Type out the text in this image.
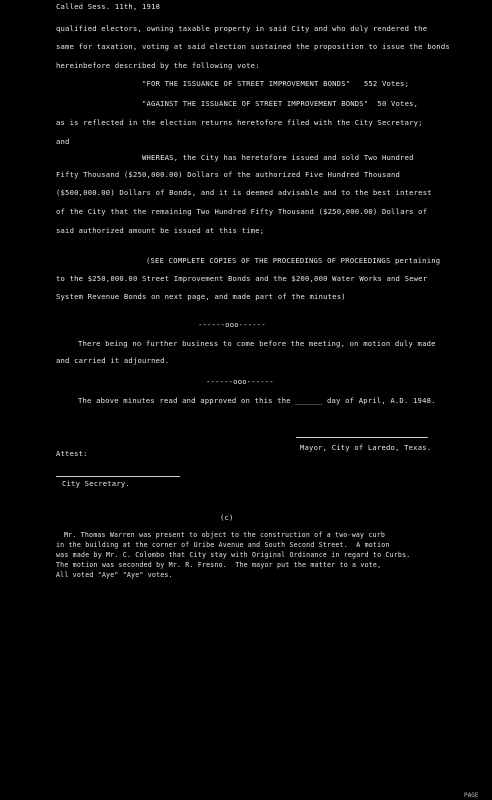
Called Sess. 11th, 1918
qualified electors, owning taxable property in said City and who duly rendered the
same for taxation, voting at said election sustained the proposition to issue the bonds
hereinbefore described by the following vote:
"FOR THE ISSUANCE OF STREET IMPROVEMENT BONDS"   552 Votes;
"AGAINST THE ISSUANCE OF STREET IMPROVEMENT BONDS"  50 Votes,
as is reflected in the election returns heretofore filed with the City Secretary;
and
WHEREAS, the City has heretofore issued and sold Two Hundred
Fifty Thousand ($250,000.00) Dollars of the authorized Five Hundred Thousand
($500,000.00) Dollars of Bonds, and it is deemed advisable and to the best interest
of the City that the remaining Two Hundred Fifty Thousand ($250,000.00) Dollars of
said authorized amount be issued at this time;
(SEE COMPLETE COPIES OF THE PROCEEDINGS OF PROCEEDINGS pertaining
to the $250,000.00 Street Improvement Bonds and the $200,000 Water Works and Sewer
System Revenue Bonds on next page, and made part of the minutes)
------ooo------
There being no further business to come before the meeting, on motion duly made
and carried it adjourned.
------ooo------
The above minutes read and approved on this the ______ day of April, A.D. 1948.
Mayor, City of Laredo, Texas.
Attest:
City Secretary.
(c)
Mr. Thomas Warren was present to object to the construction of a two-way curb
in the building at the corner of Uribe Avenue and South Second Street.  A motion
was made by Mr. C. Colombo that City stay with Original Ordinance in regard to Curbs.
The motion was seconded by Mr. R. Fresno.  The mayor put the matter to a vote,
All voted "Aye" "Aye" votes.
PAGE
